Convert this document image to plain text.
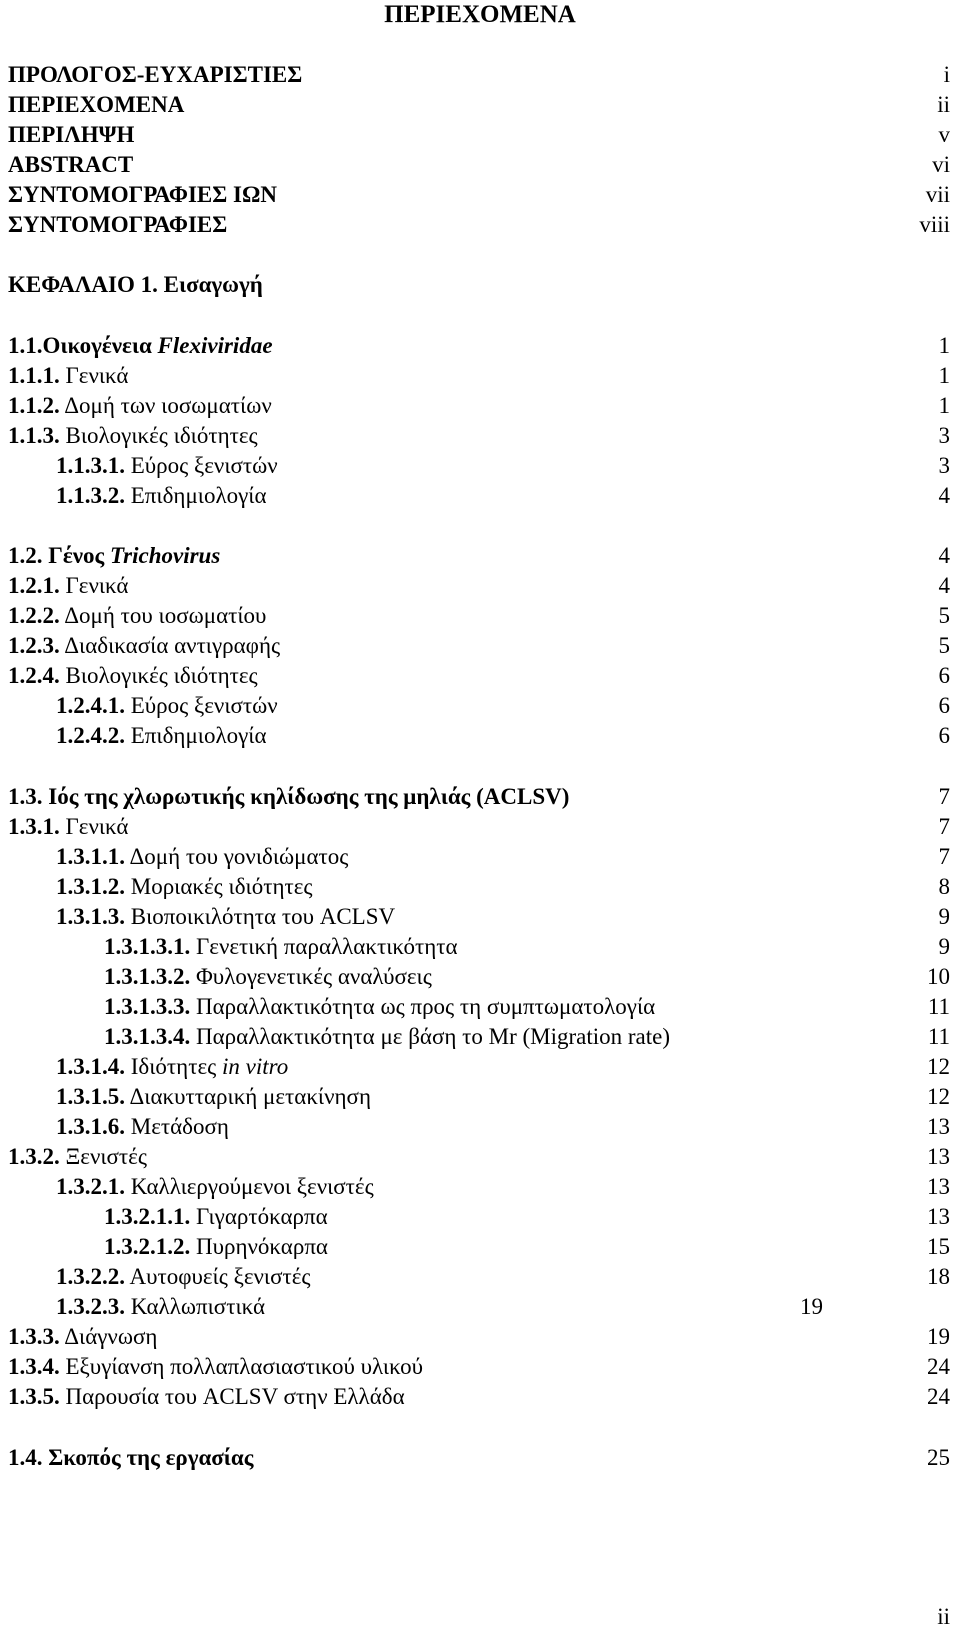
ΠΕΡΙΕΧΟΜΕΝΑ
ΠΡΟΛΟΓΟΣ-ΕΥΧΑΡΙΣΤΙΕΣ	i
ΠΕΡΙΕΧΟΜΕΝΑ	ii
ΠΕΡΙΛΗΨΗ	v
ABSTRACT	vi
ΣΥΝΤΟΜΟΓΡΑΦΙΕΣ ΙΩΝ	vii
ΣΥΝΤΟΜΟΓΡΑΦΙΕΣ	viii
ΚΕΦΑΛΑΙΟ 1. Εισαγωγή
1.1.Οικογένεια Flexiviridae	1
1.1.1. Γενικά	1
1.1.2. Δομή των ιοσωματίων	1
1.1.3. Βιολογικές ιδιότητες	3
1.1.3.1. Εύρος ξενιστών	3
1.1.3.2. Επιδημιολογία	4
1.2. Γένος Trichovirus	4
1.2.1. Γενικά	4
1.2.2. Δομή του ιοσωματίου	5
1.2.3. Διαδικασία αντιγραφής	5
1.2.4. Βιολογικές ιδιότητες	6
1.2.4.1. Εύρος ξενιστών	6
1.2.4.2. Επιδημιολογία	6
1.3. Ιός της χλωρωτικής κηλίδωσης της μηλιάς (ACLSV)	7
1.3.1. Γενικά	7
1.3.1.1. Δομή του γονιδιώματος	7
1.3.1.2. Μοριακές ιδιότητες	8
1.3.1.3. Βιοποικιλότητα του ACLSV	9
1.3.1.3.1. Γενετική παραλλακτικότητα	9
1.3.1.3.2. Φυλογενετικές αναλύσεις	10
1.3.1.3.3. Παραλλακτικότητα ως προς τη συμπτωματολογία	11
1.3.1.3.4. Παραλλακτικότητα με βάση το Mr (Migration rate)	11
1.3.1.4. Ιδιότητες in vitro	12
1.3.1.5. Διακυτταρική μετακίνηση	12
1.3.1.6. Μετάδοση	13
1.3.2. Ξενιστές	13
1.3.2.1. Καλλιεργούμενοι ξενιστές	13
1.3.2.1.1. Γιγαρτόκαρπα	13
1.3.2.1.2. Πυρηνόκαρπα	15
1.3.2.2. Αυτοφυείς ξενιστές	18
1.3.2.3. Καλλωπιστικά	19
1.3.3. Διάγνωση	19
1.3.4. Εξυγίανση πολλαπλασιαστικού υλικού	24
1.3.5. Παρουσία του ACLSV στην Ελλάδα	24
1.4. Σκοπός της εργασίας	25
ii
